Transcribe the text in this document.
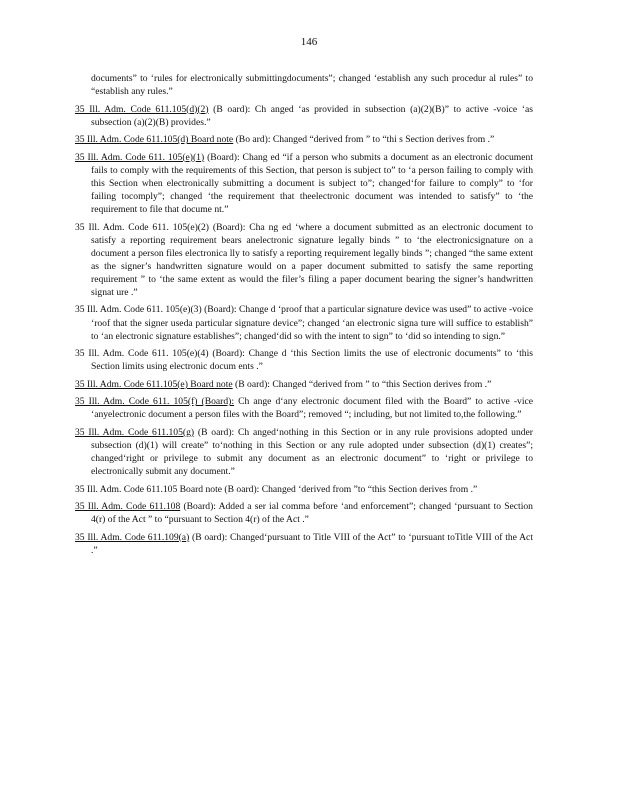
146

documents” to ‘rules for electronically submittingdocuments”; changed ‘establish any such procedur al rules” to “establish any rules.”

35 Ill. Adm. Code 611.105(d)(2) (B oard): Ch anged ‘as provided in subsection (a)(2)(B)” to active -voice ‘as subsection (a)(2)(B) provides.”

35 Ill. Adm. Code 611.105(d) Board note (Bo ard): Changed “derived from ” to “thi s Section derives from .”

35 Ill. Adm. Code 611. 105(e)(1) (Board): Chang ed “if a person who submits a document as an electronic document fails to comply with the requirements of this Section, that person is subject to” to ‘a person failing to comply with this Section when electronically submitting a document is subject to”; changed‘for failure to comply” to ‘for failing tocomply”; changed ‘the requirement that theelectronic document was intended to satisfy” to ‘the requirement to file that docume nt.”

35 Ill. Adm. Code 611. 105(e)(2) (Board): Cha ng ed ‘where a document submitted as an electronic document to satisfy a reporting requirement bears anelectronic signature legally binds ” to ‘the electronicsignature on a document a person files electronica lly to satisfy a reporting requirement legally binds ”; changed “the same extent as the signer’s handwritten signature would on a paper document submitted to satisfy the same reporting requirement ” to ‘the same extent as would the filer’s filing a paper document bearing the signer’s handwritten signat ure .”

35 Ill. Adm. Code 611. 105(e)(3) (Board): Change d ‘proof that a particular signature device was used” to active -voice ‘roof that the signer useda particular signature device”; changed ‘an electronic signa ture will suffice to establish” to ‘an electronic signature establishes”; changed‘did so with the intent to sign” to ‘did so intending to sign.”

35 Ill. Adm. Code 611. 105(e)(4) (Board): Change d ‘this Section limits the use of electronic documents” to ‘this Section limits using electronic docum ents .”

35 Ill. Adm. Code 611.105(e) Board note (B oard): Changed “derived from ” to “this Section derives from .”

35 Ill. Adm. Code 611. 105(f) (Board): Ch ange d‘any electronic document filed with the Board” to active -vice ‘anyelectronic document a person files with the Board”; removed “; including, but not limited to,the following.”

35 Ill. Adm. Code 611.105(g) (B oard): Ch anged‘nothing in this Section or in any rule provisions adopted under subsection (d)(1) will create” to‘nothing in this Section or any rule adopted under subsection (d)(1) creates”; changed‘right or privilege to submit any document as an electronic document” to ‘right or privilege to electronically submit any document.”

35 Ill. Adm. Code 611.105 Board note (B oard): Changed ‘derived from ”to “this Section derives from .”

35 Ill. Adm. Code 611.108 (Board): Added a ser ial comma before ‘and enforcement”; changed ‘pursuant to Section 4(r) of the Act ” to “pursuant to Section 4(r) of the Act .”

35 Ill. Adm. Code 611.109(a) (B oard): Changed‘pursuant to Title VIII of the Act” to ‘pursuant toTitle VIII of the Act .”
